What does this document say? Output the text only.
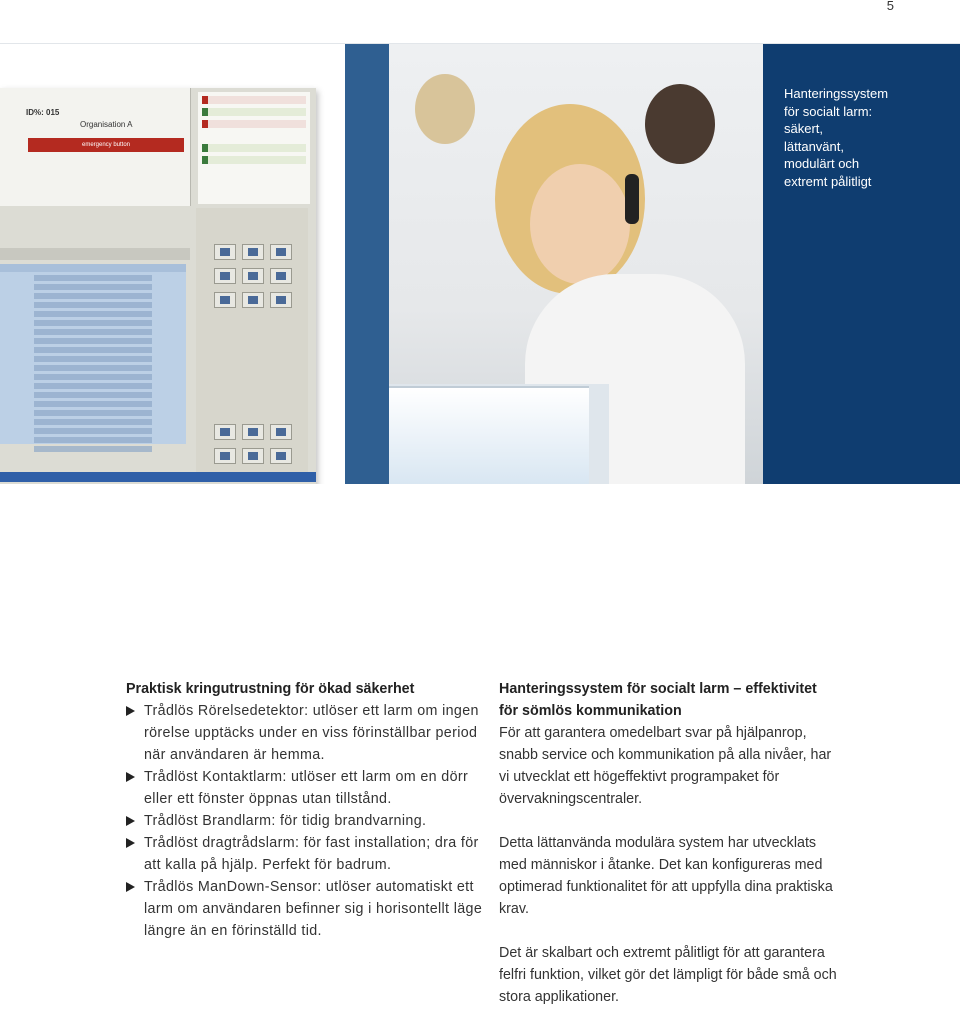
5
ID%: 015
Organisation A
emergency button
Hanteringssystem
för socialt larm:
säkert,
lättanvänt,
modulärt och
extremt pålitligt
Praktisk kringutrustning för ökad säkerhet
Trådlös Rörelsedetektor: utlöser ett larm om ingen rörelse upptäcks under en viss förinställbar period när användaren är hemma.
Trådlöst Kontaktlarm: utlöser ett larm om en dörr eller ett fönster öppnas utan tillstånd.
Trådlöst Brandlarm: för tidig brandvarning.
Trådlöst dragtrådslarm: för fast installation; dra för att kalla på hjälp. Perfekt för badrum.
Trådlös ManDown-Sensor: utlöser automatiskt ett larm om användaren befinner sig i horisontellt läge längre än en förinställd tid.
Hanteringssystem för socialt larm – effektivitet för sömlös kommunikation

För att garantera omedelbart svar på hjälpanrop, snabb service och kommunikation på alla nivåer, har vi utvecklat ett högeffektivt programpaket för övervakningscentraler.

Detta lättanvända modulära system har utvecklats med människor i åtanke. Det kan konfigureras med optimerad funktionalitet för att uppfylla dina praktiska krav.

Det är skalbart och extremt pålitligt för att garantera felfri funktion, vilket gör det lämpligt för både små och stora applikationer.
